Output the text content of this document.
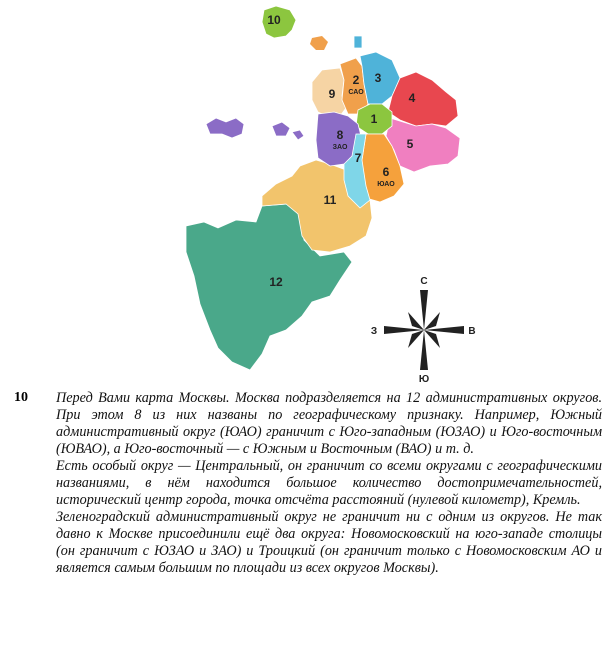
1
2
САО
3
4
5
6
ЮАО
7
8
ЗАО
9
10
11
12	С
Ю
З	В
10 Перед Вами карта Москвы. Москва подразделяется на 12 административных округов. При этом 8 из них названы по географическому признаку. Например, Южный административный округ (ЮАО) граничит с Юго-западным (ЮЗАО) и Юго-восточным (ЮВАО), а Юго-восточный — с Южным и Восточным (ВАО) и т. д.

Есть особый округ — Центральный, он граничит со всеми округами с географическими названиями, в нём находится большое количество достопримечательностей, исторический центр города, точка отсчёта расстояний (нулевой километр), Кремль.

Зеленоградский административный округ не граничит ни с одним из округов. Не так давно к Москве присоединили ещё два округа: Новомосковский на юго-западе столицы (он граничит с ЮЗАО и ЗАО) и Троицкий (он граничит только с Новомосковским АО и является самым большим по площади из всех округов Москвы).
